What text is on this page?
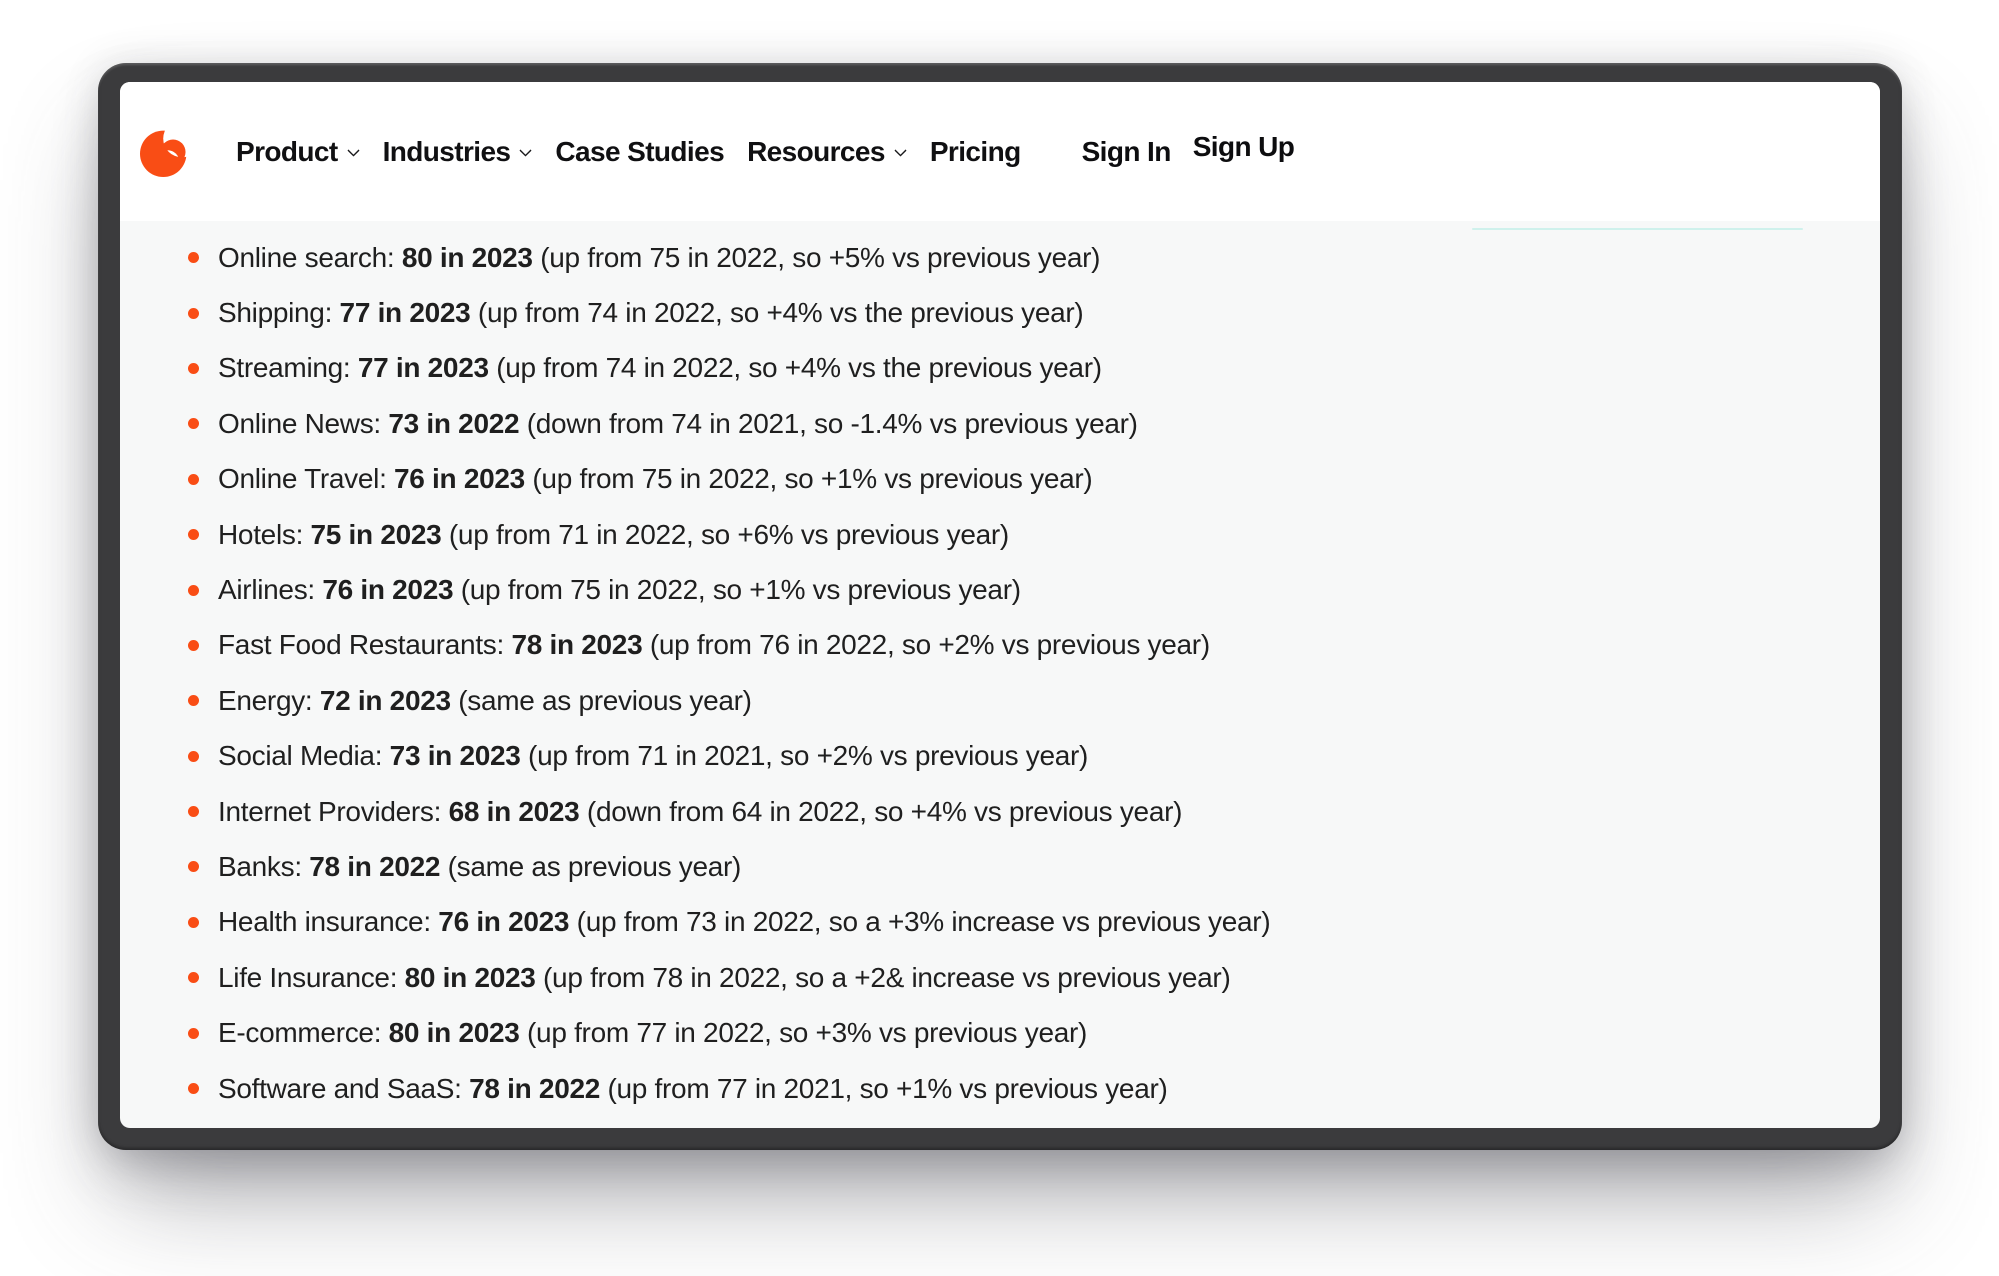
Product Industries Case Studies Resources Pricing Sign In Sign Up
Online search: 80 in 2023 (up from 75 in 2022, so +5% vs previous year)
Shipping: 77 in 2023 (up from 74 in 2022, so +4% vs the previous year)
Streaming: 77 in 2023 (up from 74 in 2022, so +4% vs the previous year)
Online News: 73 in 2022 (down from 74 in 2021, so -1.4% vs previous year)
Online Travel: 76 in 2023 (up from 75 in 2022, so +1% vs previous year)
Hotels: 75 in 2023 (up from 71 in 2022, so +6% vs previous year)
Airlines: 76 in 2023 (up from 75 in 2022, so +1% vs previous year)
Fast Food Restaurants: 78 in 2023 (up from 76 in 2022, so +2% vs previous year)
Energy: 72 in 2023 (same as previous year)
Social Media: 73 in 2023 (up from 71 in 2021, so +2% vs previous year)
Internet Providers: 68 in 2023 (down from 64 in 2022, so +4% vs previous year)
Banks: 78 in 2022 (same as previous year)
Health insurance: 76 in 2023 (up from 73 in 2022, so a +3% increase vs previous year)
Life Insurance: 80 in 2023 (up from 78 in 2022, so a +2& increase vs previous year)
E-commerce: 80 in 2023 (up from 77 in 2022, so +3% vs previous year)
Software and SaaS: 78 in 2022 (up from 77 in 2021, so +1% vs previous year)
